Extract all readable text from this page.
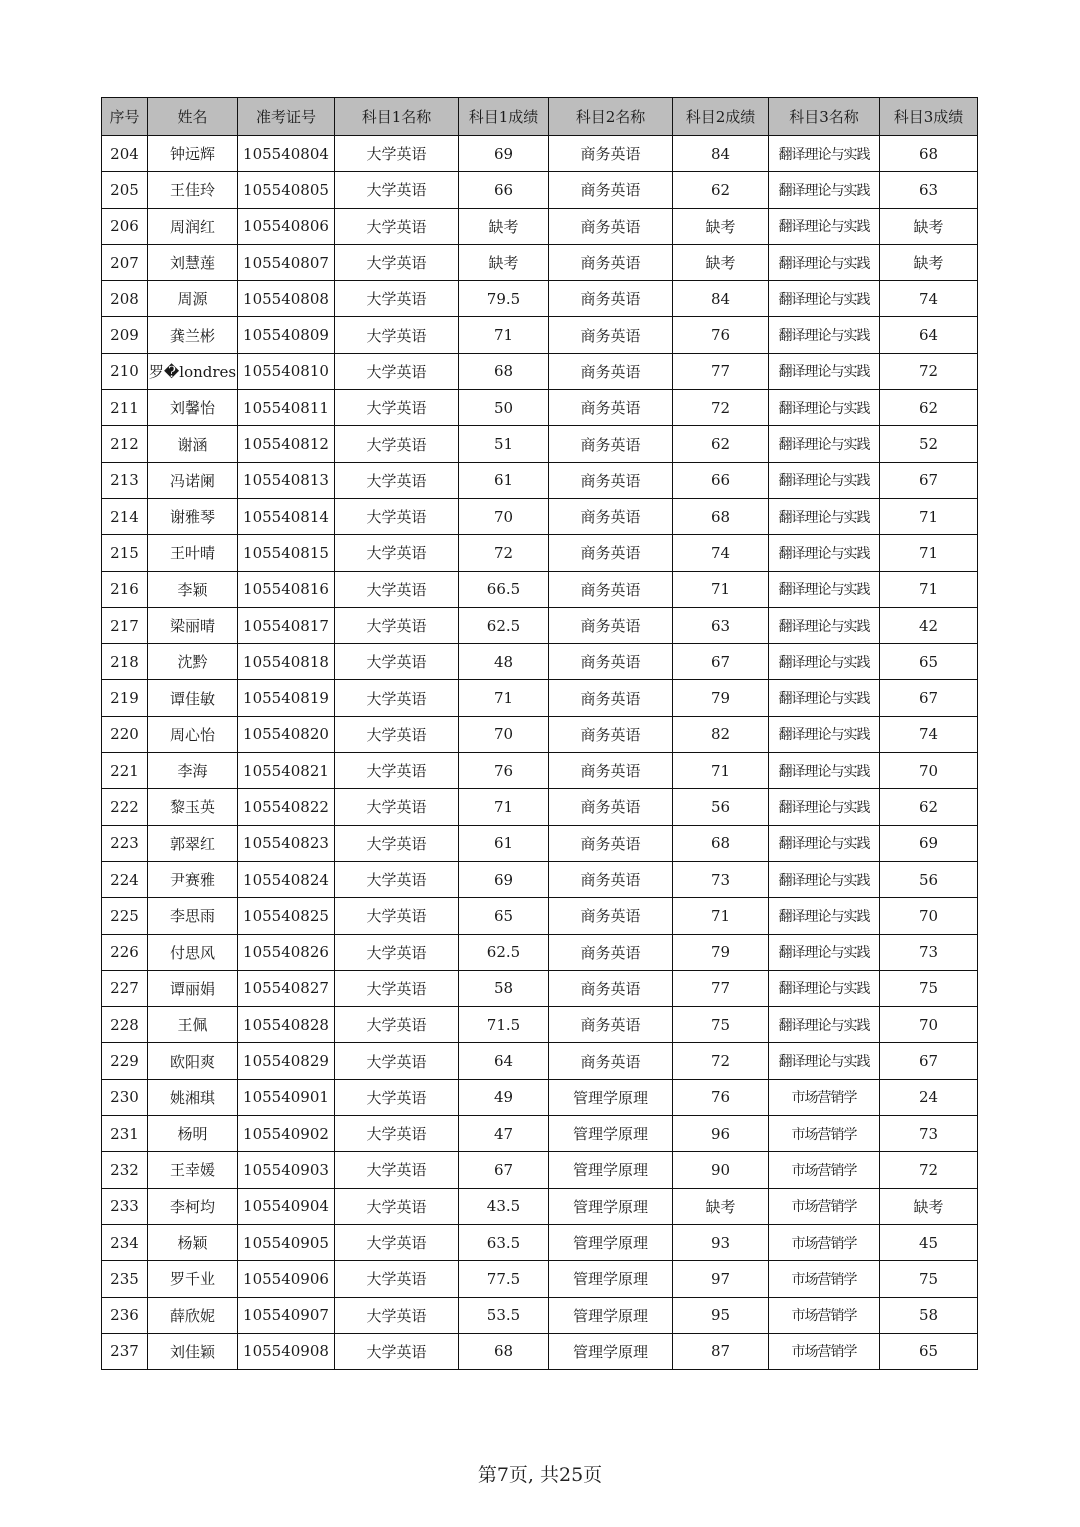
序号	姓名	准考证号	科目1名称	科目1成绩	科目2名称	科目2成绩	科目3名称	科目3成绩
204	钟远辉	105540804	大学英语	69	商务英语	84	翻译理论与实践	68
205	王佳玲	105540805	大学英语	66	商务英语	62	翻译理论与实践	63
206	周润红	105540806	大学英语	缺考	商务英语	缺考	翻译理论与实践	缺考
207	刘慧莲	105540807	大学英语	缺考	商务英语	缺考	翻译理论与实践	缺考
208	周源	105540808	大学英语	79.5	商务英语	84	翻译理论与实践	74
209	龚兰彬	105540809	大学英语	71	商务英语	76	翻译理论与实践	64
210	罗�londres	105540810	大学英语	68	商务英语	77	翻译理论与实践	72
211	刘馨怡	105540811	大学英语	50	商务英语	72	翻译理论与实践	62
212	谢涵	105540812	大学英语	51	商务英语	62	翻译理论与实践	52
213	冯诺阑	105540813	大学英语	61	商务英语	66	翻译理论与实践	67
214	谢雅琴	105540814	大学英语	70	商务英语	68	翻译理论与实践	71
215	王叶晴	105540815	大学英语	72	商务英语	74	翻译理论与实践	71
216	李颖	105540816	大学英语	66.5	商务英语	71	翻译理论与实践	71
217	梁丽晴	105540817	大学英语	62.5	商务英语	63	翻译理论与实践	42
218	沈黔	105540818	大学英语	48	商务英语	67	翻译理论与实践	65
219	谭佳敏	105540819	大学英语	71	商务英语	79	翻译理论与实践	67
220	周心怡	105540820	大学英语	70	商务英语	82	翻译理论与实践	74
221	李海	105540821	大学英语	76	商务英语	71	翻译理论与实践	70
222	黎玉英	105540822	大学英语	71	商务英语	56	翻译理论与实践	62
223	郭翠红	105540823	大学英语	61	商务英语	68	翻译理论与实践	69
224	尹赛雅	105540824	大学英语	69	商务英语	73	翻译理论与实践	56
225	李思雨	105540825	大学英语	65	商务英语	71	翻译理论与实践	70
226	付思风	105540826	大学英语	62.5	商务英语	79	翻译理论与实践	73
227	谭丽娟	105540827	大学英语	58	商务英语	77	翻译理论与实践	75
228	王佩	105540828	大学英语	71.5	商务英语	75	翻译理论与实践	70
229	欧阳爽	105540829	大学英语	64	商务英语	72	翻译理论与实践	67
230	姚湘琪	105540901	大学英语	49	管理学原理	76	市场营销学	24
231	杨明	105540902	大学英语	47	管理学原理	96	市场营销学	73
232	王幸媛	105540903	大学英语	67	管理学原理	90	市场营销学	72
233	李柯均	105540904	大学英语	43.5	管理学原理	缺考	市场营销学	缺考
234	杨颖	105540905	大学英语	63.5	管理学原理	93	市场营销学	45
235	罗千业	105540906	大学英语	77.5	管理学原理	97	市场营销学	75
236	薛欣妮	105540907	大学英语	53.5	管理学原理	95	市场营销学	58
237	刘佳颖	105540908	大学英语	68	管理学原理	87	市场营销学	65
第7页, 共25页
